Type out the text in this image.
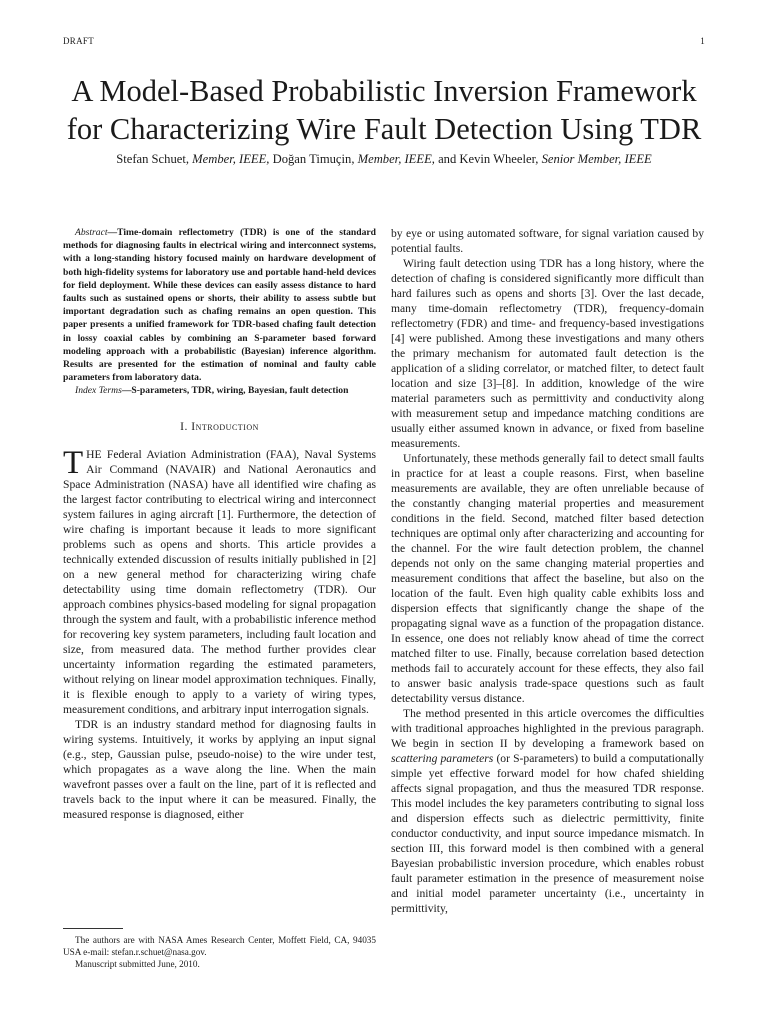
DRAFT	1
A Model-Based Probabilistic Inversion Framework
for Characterizing Wire Fault Detection Using TDR
Stefan Schuet, Member, IEEE, Doğan Timuçin, Member, IEEE, and Kevin Wheeler, Senior Member, IEEE

Abstract—Time-domain reflectometry (TDR) is one of the standard methods for diagnosing faults in electrical wiring and interconnect systems, with a long-standing history focused mainly on hardware development of both high-fidelity systems for laboratory use and portable hand-held devices for field deployment. While these devices can easily assess distance to hard faults such as sustained opens or shorts, their ability to assess subtle but important degradation such as chafing remains an open question. This paper presents a unified framework for TDR-based chafing fault detection in lossy coaxial cables by combining an S-parameter based forward modeling approach with a probabilistic (Bayesian) inference algorithm. Results are presented for the estimation of nominal and faulty cable parameters from laboratory data.

Index Terms—S-parameters, TDR, wiring, Bayesian, fault detection

I. Introduction

THE Federal Aviation Administration (FAA), Naval Systems Air Command (NAVAIR) and National Aeronautics and Space Administration (NASA) have all identified wire chafing as the largest factor contributing to electrical wiring and interconnect system failures in aging aircraft [1]. Furthermore, the detection of wire chafing is important because it leads to more significant problems such as opens and shorts. This article provides a technically extended discussion of results initially published in [2] on a new general method for characterizing wiring chafe detectability using time domain reflectometry (TDR). Our approach combines physics-based modeling for signal propagation through the system and fault, with a probabilistic inference method for recovering key system parameters, including fault location and size, from measured data. The method further provides clear uncertainty information regarding the estimated parameters, without relying on linear model approximation techniques. Finally, it is flexible enough to apply to a variety of wiring types, measurement conditions, and arbitrary input interrogation signals.

TDR is an industry standard method for diagnosing faults in wiring systems. Intuitively, it works by applying an input signal (e.g., step, Gaussian pulse, pseudo-noise) to the wire under test, which propagates as a wave along the line. When the main wavefront passes over a fault on the line, part of it is reflected and travels back to the input where it can be measured. Finally, the measured response is diagnosed, either

by eye or using automated software, for signal variation caused by potential faults.

Wiring fault detection using TDR has a long history, where the detection of chafing is considered significantly more difficult than hard failures such as opens and shorts [3]. Over the last decade, many time-domain reflectometry (TDR), frequency-domain reflectometry (FDR) and time- and frequency-based investigations [4] were published. Among these investigations and many others the primary mechanism for automated fault detection is the application of a sliding correlator, or matched filter, to detect fault location and size [3]–[8]. In addition, knowledge of the wire material parameters such as permittivity and conductivity along with measurement setup and impedance matching conditions are usually either assumed known in advance, or fixed from baseline measurements.

Unfortunately, these methods generally fail to detect small faults in practice for at least a couple reasons. First, when baseline measurements are available, they are often unreliable because of the constantly changing material properties and measurement conditions in the field. Second, matched filter based detection techniques are optimal only after characterizing and accounting for the channel. For the wire fault detection problem, the channel depends not only on the same changing material properties and measurement conditions that affect the baseline, but also on the location of the fault. Even high quality cable exhibits loss and dispersion effects that significantly change the shape of the propagating signal wave as a function of the propagation distance. In essence, one does not reliably know ahead of time the correct matched filter to use. Finally, because correlation based detection methods fail to accurately account for these effects, they also fail to answer basic analysis trade-space questions such as fault detectability versus distance.

The method presented in this article overcomes the difficulties with traditional approaches highlighted in the previous paragraph. We begin in section II by developing a framework based on scattering parameters (or S-parameters) to build a computationally simple yet effective forward model for how chafed shielding affects signal propagation, and thus the measured TDR response. This model includes the key parameters contributing to signal loss and dispersion effects such as dielectric permittivity, finite conductor conductivity, and input source impedance mismatch. In section III, this forward model is then combined with a general Bayesian probabilistic inversion procedure, which enables robust fault parameter estimation in the presence of measurement noise and initial model parameter uncertainty (i.e., uncertainty in permittivity,

The authors are with NASA Ames Research Center, Moffett Field, CA, 94035 USA e-mail: stefan.r.schuet@nasa.gov.

Manuscript submitted June, 2010.
